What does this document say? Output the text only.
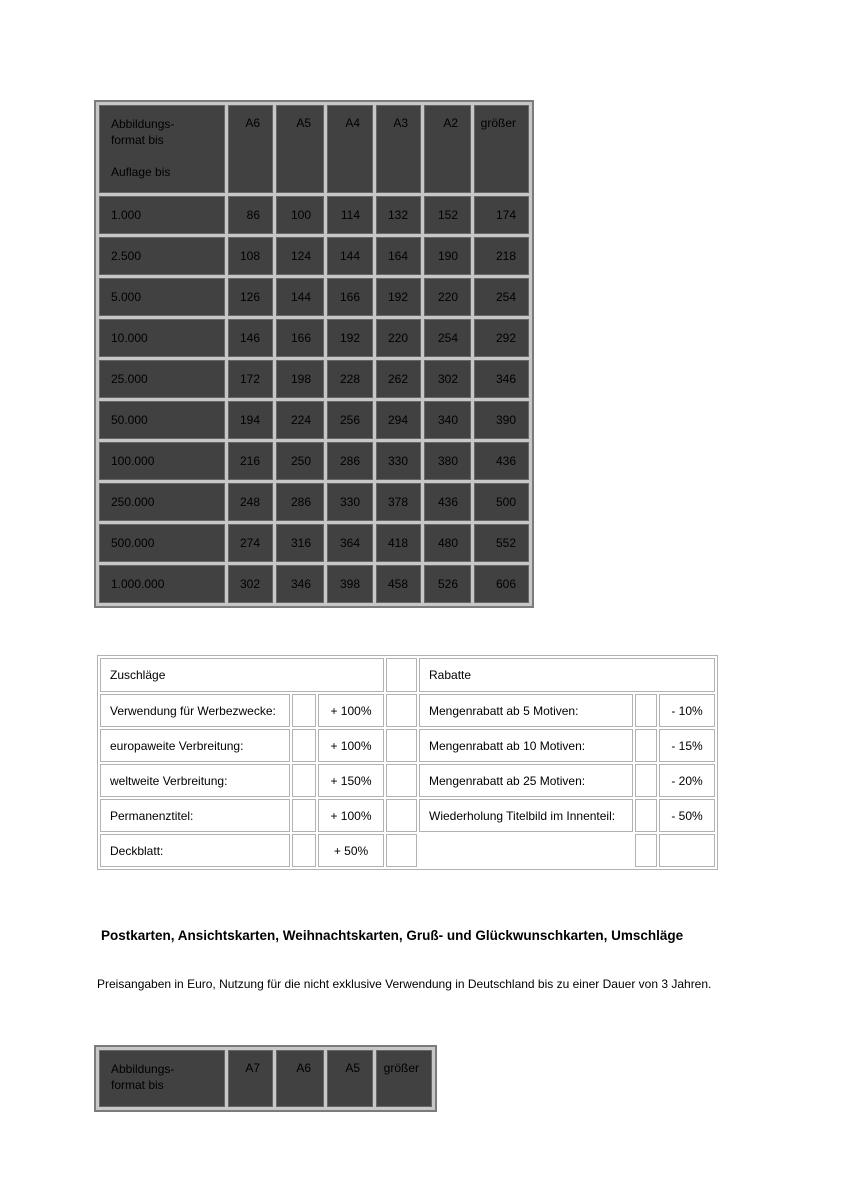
Abbildungs-
format bis
Auflage bis	A6	A5	A4	A3	A2	größer
1.000	86	100	114	132	152	174
2.500	108	124	144	164	190	218
5.000	126	144	166	192	220	254
10.000	146	166	192	220	254	292
25.000	172	198	228	262	302	346
50.000	194	224	256	294	340	390
100.000	216	250	286	330	380	436
250.000	248	286	330	378	436	500
500.000	274	316	364	418	480	552
1.000.000	302	346	398	458	526	606
Zuschläge				Rabatte		
Verwendung für Werbezwecke:		+ 100%		Mengenrabatt ab 5 Motiven:		- 10%
europaweite Verbreitung:		+ 100%		Mengenrabatt ab 10 Motiven:		- 15%
weltweite Verbreitung:		+ 150%		Mengenrabatt ab 25 Motiven:		- 20%
Permanenztitel:		+ 100%		Wiederholung Titelbild im Innenteil:		- 50%
Deckblatt:		+ 50%				
Postkarten, Ansichtskarten, Weihnachtskarten, Gruß- und Glückwunschkarten, Umschläge
Preisangaben in Euro, Nutzung für die nicht exklusive Verwendung in Deutschland bis zu einer Dauer von 3 Jahren.
Abbildungs-
format bis
	A7	A6	A5	größer
